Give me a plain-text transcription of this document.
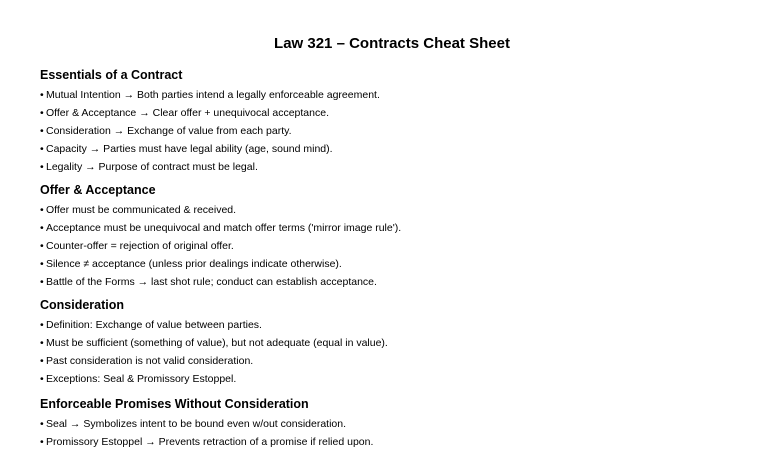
Law 321 – Contracts Cheat Sheet
Essentials of a Contract
• Mutual Intention → Both parties intend a legally enforceable agreement.
• Offer & Acceptance → Clear offer + unequivocal acceptance.
• Consideration → Exchange of value from each party.
• Capacity → Parties must have legal ability (age, sound mind).
• Legality → Purpose of contract must be legal.
Offer & Acceptance
• Offer must be communicated & received.
• Acceptance must be unequivocal and match offer terms ('mirror image rule').
• Counter-offer = rejection of original offer.
• Silence ≠ acceptance (unless prior dealings indicate otherwise).
• Battle of the Forms → last shot rule; conduct can establish acceptance.
Consideration
• Definition: Exchange of value between parties.
• Must be sufficient (something of value), but not adequate (equal in value).
• Past consideration is not valid consideration.
• Exceptions: Seal & Promissory Estoppel.
Enforceable Promises Without Consideration
• Seal → Symbolizes intent to be bound even w/out consideration.
• Promissory Estoppel → Prevents retraction of a promise if relied upon.
